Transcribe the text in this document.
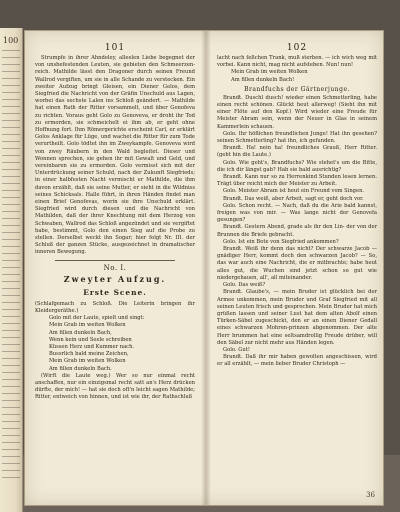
100
101

Strumpfe in ihrer Ahndeley, alleelen Liebe begegnet der von unsbefestenden Leuten, sie gebieten den Schmeerzen-reich. Mathilde lässt den Dragoner durch seinen Freund Wallrod vergiften, um sie in alle Schande zu verstecken. Ein zweiter Aufzug bringt Gleisen, ein Diener Gelos, dem Siegfried die Nachricht von der Gräfin Unschuld aus Lagen, worbei das sechste Lalen ins Schloß geändert. — Mathilde hat einen Rath der Ritter vorsammelt, und über Genofeva zu richten. Voraus geht Golo zu Genoveva, er droht ihr Tod zu ermorden, sie schmeichelt ei ihm ab, er geht ohne Hoffnung fort. Ihm Römergerichte erscheint Carl, er erklärt Golos Anklage für Lüge, und wachet die Ritter für zum Tode verurtheilt. Golo tödtet ihn im Zweykampfe. Genoveva wird von zwey Räubern in den Wald begleitet. Dieser und Wonnen sprechen, sie gehen ihr mit Gewalt und Geld, und vereinbaren sie zu ermorden. Golo vermisst sich mit der Unterdrückung seiner Schuld, nach der Zukunft Siegfrieds; in einer halbfesten Nacht vermischt er Mathilde, die ihm davon erzählt, daß sie seine Mutter, er sieht in die Wildniss seines Schicksals. Halle führt, in ihren Händen findet man einen Brief Genofevas, worin sie ihre Unschuld erklärt. Siegfried wird durch diesen und die Nachricht von Mathilden, daß der ihrer Knechtung mit dem Herzog von Schwaben, Wallrod das Schloß angezündet und sie vergiftet habe, bestimmt, Golo den einen Sieg auf die Probe zu stellen. Derselbst weckt ihn Sogar; hier folgt Nr. III. der Schluß der ganzen Stücke, ausgezeichnet in dramatischer inneren Bewegung.

No. I.
Zweyter Aufzug.
Erste Scene.

(Schlafgemach zu Schloß. Die Leiterin bringen ihr Kleidergeräthe.)

Golo mit der Laute, spielt und singt:

Mein Grab im weiten Wolken

Am fillen dunkeln Bach,

Wenn kein und Seele schreiben

Küssen Herz und Kummer nach.

Bussrlich bald meine Zeichen,

Mein Grab im weiten Wolken

Am fillen dunkeln Bach.

(Wirft die Laute weg.) Wer so nur einmal recht anschaffen, nur ein einzigsmal recht satt an's Herz drücken dürfte, der mich! — hat sie doch oft'n leicht sagen Mathilde; Ritter, entweich von hinnen, und ist wie ihr, der Rathschluß

102

lacht nach feßchen Trank, muß sterben. — ich wich weg mit vorbei. Kann nicht, mag nicht aufsteben. Nun! nun!

Mein Grab im weiten Wolken

Am fillen dunkeln Bach!

Brandfuchs der Gärtnerjunge.

Brandt. Duschl dusch! wieder einen Schmetterling, habe einen recht schönen. Glückt heut allerweg! (Sieht ihn mit einer Flöte auf den Kopf.) Wird wieder eine Freude für Meister Abram sein, wenn der Neuer in Glas in seinem Kammerlein schauen.

Golo. Ihr höflichen freundlichen Junge! Hat ihn gesehen? seinen Schmetterling? hat ihn, ich gefunden.

Brandt. Ha! nein ha! freundliches Grauß, Herr Ritter. (geht hin die Laute.)

Golo. Wie geht's, Brandfuchs? Wie stehet's um die Bitte, die ich dir längst gab? Hab sie bald ausrichtig?

Brandt. Kann nur so zu Herrenkind Stunden lesen lernen. Trägt über reicht mich der Meister zu Arbeit.

Golo. Meister Abram ist heut ein Freund vom Singen.

Brandt. Das weiß, aber Arbeit, sagt er, geht doch vor.

Golo. Schon recht. — Nach, daß du die Arie bald kannst, freigen was von mir. — Was lange nicht der Genovefa gesungen?

Brandt. Gestern Abend, grade als ihr den Lin- der von der Brunnen die Briefe gebracht.

Golo. Ist ein Bote von Siegfried ankommen?

Brandt. Weiß ihr denn das nicht? Der schwarze Jacob — gnädiger Herr, kommt doch den schwarzen Jacob? — So, das war auch eine Nachricht, die er mitbrachte; habe heut alles gut, die Wuchen sind jetzt schon so gut wie niedergehauen, all', all miteinander.

Golo. Das weiß?

Brandt. Glaube's, — mein Bruder ist glücklich bei der Armee unkommen, mein Bruder und Graf Siegfried mit all seinen Leuten frisch und gesprochen. Mein Bruder hat mich grüßen lassen und seiner Lust hat dem alten Abolf einen Türken-Säbel zugeschickt, den er an einen Diener Gedall eines schwarzen Mohren-prinzen abgenommen. Der alte Herr brummen hat eine seltsamdrollig Freude drüber, will den Säbel zur nicht mehr aus Händen legen.

Golo. Gut!

Brandt. Daß ihr mir haben gewolten angeschissen, wird er all erzählt, — mein lieber Bruder Christoph —

36
